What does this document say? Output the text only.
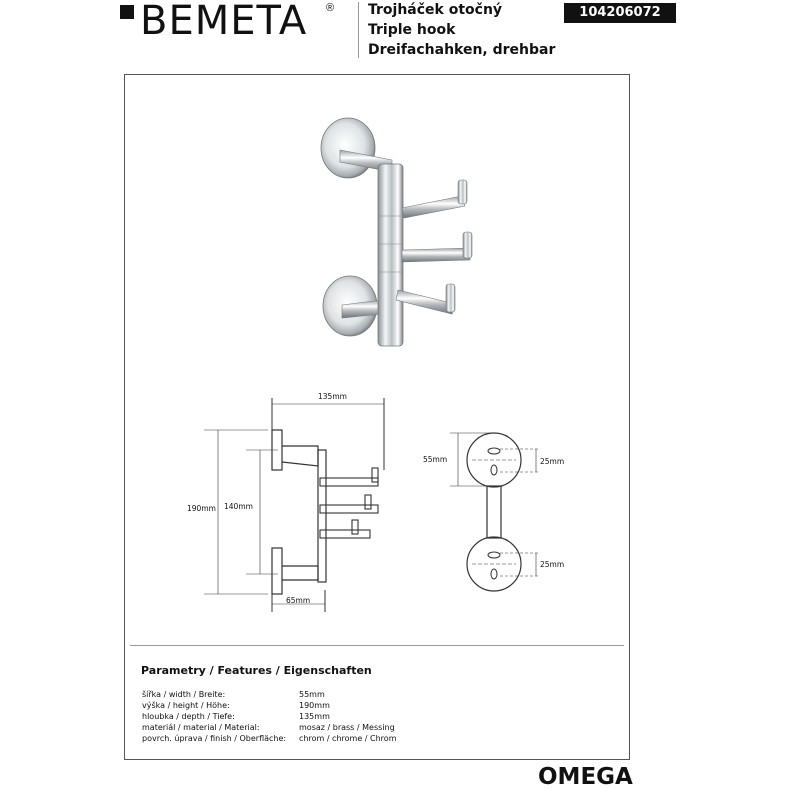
BEMETA ® Trojháček otočný
Triple hook
Dreifachahken, drehbar
104206072
135mm
190mm 140mm
65mm
55mm	25mm
25mm
Parametry / Features / Eigenschaften
šířka / width / Breite:	55mm
výška / height / Höhe:	190mm
hloubka / depth / Tiefe:	135mm
materiál / material / Material:	mosaz / brass / Messing
povrch. úprava / finish / Oberfläche: chrom / chrome / Chrom
OMEGA
